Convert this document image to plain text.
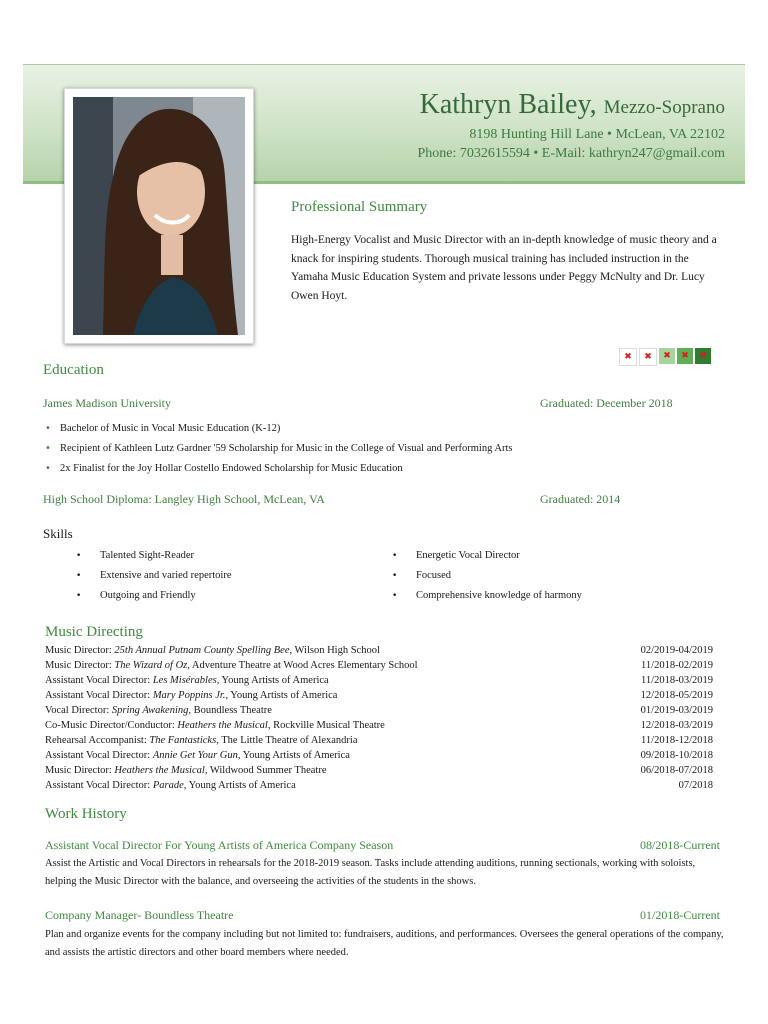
Kathryn Bailey, Mezzo-Soprano
8198 Hunting Hill Lane • McLean, VA 22102
Phone: 7032615594 • E-Mail: kathryn247@gmail.com
Professional Summary
High-Energy Vocalist and Music Director with an in-depth knowledge of music theory and a knack for inspiring students. Thorough musical training has included instruction in the Yamaha Music Education System and private lessons under Peggy McNulty and Dr. Lucy Owen Hoyt.
✖	✖	✖	✖	✖
Education
James Madison University	Graduated: December 2018
• Bachelor of Music in Vocal Music Education (K-12)
• Recipient of Kathleen Lutz Gardner '59 Scholarship for Music in the College of Visual and Performing Arts
• 2x Finalist for the Joy Hollar Costello Endowed Scholarship for Music Education
High School Diploma: Langley High School, McLean, VA	Graduated: 2014
Skills
• Talented Sight-Reader
• Extensive and varied repertoire
• Outgoing and Friendly
• Energetic Vocal Director
• Focused
• Comprehensive knowledge of harmony
Music Directing
Music Director: 25th Annual Putnam County Spelling Bee, Wilson High School	02/2019-04/2019
Music Director: The Wizard of Oz, Adventure Theatre at Wood Acres Elementary School	11/2018-02/2019
Assistant Vocal Director: Les Misérables, Young Artists of America	11/2018-03/2019
Assistant Vocal Director: Mary Poppins Jr., Young Artists of America	12/2018-05/2019
Vocal Director: Spring Awakening, Boundless Theatre	01/2019-03/2019
Co-Music Director/Conductor: Heathers the Musical, Rockville Musical Theatre	12/2018-03/2019
Rehearsal Accompanist: The Fantasticks, The Little Theatre of Alexandria	11/2018-12/2018
Assistant Vocal Director: Annie Get Your Gun, Young Artists of America	09/2018-10/2018
Music Director: Heathers the Musical, Wildwood Summer Theatre	06/2018-07/2018
Assistant Vocal Director: Parade, Young Artists of America	07/2018
Work History
Assistant Vocal Director For Young Artists of America Company Season	08/2018-Current
Assist the Artistic and Vocal Directors in rehearsals for the 2018-2019 season. Tasks include attending auditions, running sectionals, working with soloists, helping the Music Director with the balance, and overseeing the activities of the students in the shows.
Company Manager- Boundless Theatre	01/2018-Current
Plan and organize events for the company including but not limited to: fundraisers, auditions, and performances. Oversees the general operations of the company, and assists the artistic directors and other board members where needed.
